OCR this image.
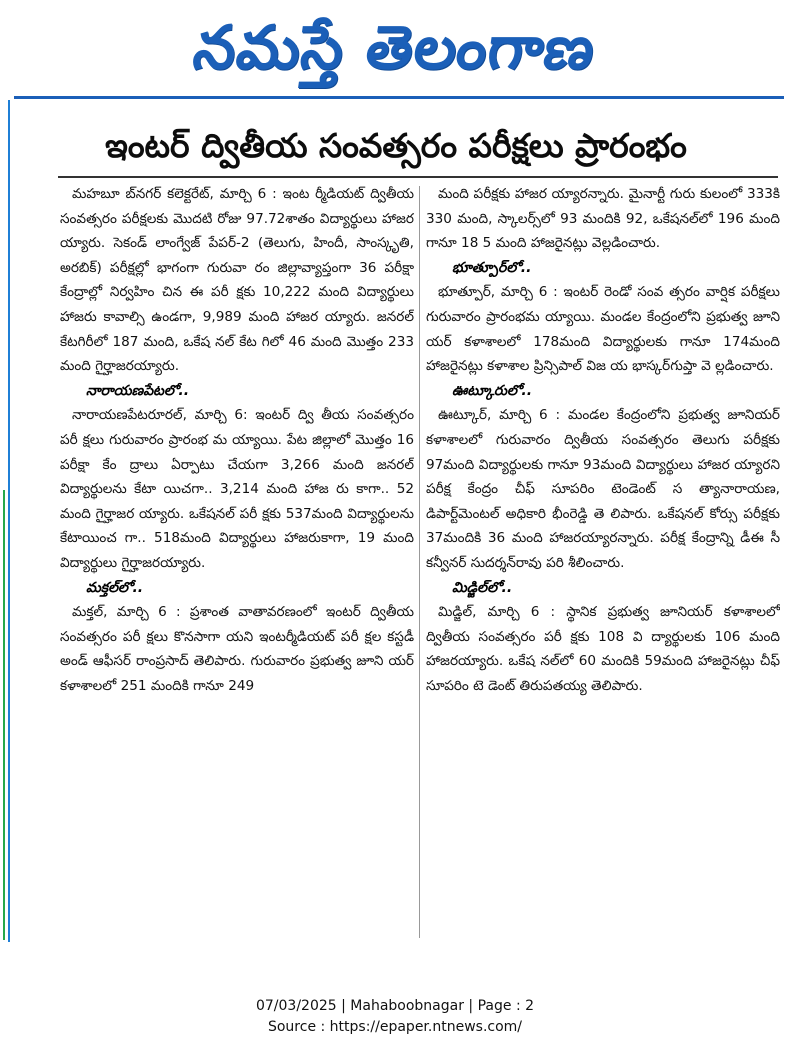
నమస్తే తెలంగాణ
ఇంటర్ ద్వితీయ సంవత్సరం పరీక్షలు ప్రారంభం

మహబూ బ్‌నగర్ కలెక్టరేట్, మార్చి 6 : ఇంట ర్మీడియట్ ద్వితీయ సంవత్సరం పరీక్షలకు మొదటి రోజు 97.72శాతం విద్యార్థులు హాజర య్యారు. సెకండ్ లాంగ్వేజ్ పేపర్-2 (తెలుగు, హిందీ, సాంస్కృతి, అరబిక్) పరీక్షల్లో భాగంగా గురువా రం జిల్లావ్యాప్తంగా 36 పరీక్షా కేంద్రాల్లో నిర్వహిం చిన ఈ పరీ క్షకు 10,222 మంది విద్యార్థులు హాజరు కావాల్సి ఉండగా, 9,989 మంది హాజర య్యారు. జనరల్ కేటగిరీలో 187 మంది, ఒకేష నల్ కేట గిలో 46 మంది మొత్తం 233 మంది గైర్హాజరయ్యారు.

నారాయణపేటలో..

నారాయణపేటరూరల్, మార్చి 6: ఇంటర్ ద్వి తీయ సంవత్సరం పరీ క్షలు గురువారం ప్రారంభ మ య్యాయి. పేట జిల్లాలో మొత్తం 16 పరీక్షా కేం ద్రాలు ఏర్పాటు చేయగా 3,266 మంది జనరల్ విద్యార్థులను కేటా యిచగా.. 3,214 మంది హాజ రు కాగా.. 52 మంది గైర్హాజర య్యారు. ఒకేషనల్ పరీ క్షకు 537మంది విద్యార్థులను కేటాయించ గా.. 518మంది విద్యార్థులు హాజరుకాగా, 19 మంది విద్యార్థులు గైర్హాజరయ్యారు.

మక్తల్‌లో..

మక్తల్, మార్చి 6 : ప్రశాంత వాతావరణంలో ఇంటర్ ద్వితీయ సంవత్సరం పరీ క్షలు కొనసాగా యని ఇంటర్మీడియట్ పరీ క్షల కస్టడీ అండ్ ఆఫీసర్ రాంప్రసాద్ తెలిపారు. గురువారం ప్రభుత్వ జూని యర్ కళాశాలలో 251 మందికి గానూ 249

మంది పరీక్షకు హాజర య్యారన్నారు. మైనార్టీ గురు కులంలో 333కి 330 మంది, స్కాలర్స్‌లో 93 మందికి 92, ఒకేషనల్‌లో 196 మంది గానూ 18 5 మంది హాజరైనట్లు వెల్లడించారు.

భూత్పూర్‌లో..

భూత్పూర్, మార్చి 6 : ఇంటర్ రెండో సంవ త్సరం వార్షిక పరీక్షలు గురువారం ప్రారంభమ య్యాయి. మండల కేంద్రంలోని ప్రభుత్వ జూని యర్ కళాశాలలో 178మంది విద్యార్థులకు గానూ 174మంది హాజరైనట్లు కళాశాల ప్రిన్సిపాల్ విజ య భాస్కర్‌గుప్తా వె ల్లడించారు.

ఊట్కూరులో..

ఊట్కూర్, మార్చి 6 : మండల కేంద్రంలోని ప్రభుత్వ జూనియర్ కళాశాలలో గురువారం ద్వితీయ సంవత్సరం తెలుగు పరీక్షకు 97మంది విద్యార్థులకు గానూ 93మంది విద్యార్థులు హాజర య్యారని పరీక్ష కేంద్రం చీఫ్ సూపరిం టెండెంట్ స త్యానారాయణ, డిపార్ట్‌మెంటల్ అధికారి భీంరెడ్డి తె లిపారు. ఒకేషనల్ కోర్సు పరీక్షకు 37మందికి 36 మంది హాజరయ్యారన్నారు. పరీక్ష కేంద్రాన్ని డీఈ సీ కన్వీనర్ సుదర్శన్‌రావు పరి శీలించారు.

మిడ్జిల్‌లో..

మిడ్జిల్, మార్చి 6 : స్థానిక ప్రభుత్వ జూనియర్ కళాశాలలో ద్వితీయ సంవత్సరం పరీ క్షకు 108 వి ద్యార్థులకు 106 మంది హాజరయ్యారు. ఒకేష నల్‌లో 60 మందికి 59మంది హాజరైనట్లు చీఫ్ సూపరిం టె డెంట్ తిరుపతయ్య తెలిపారు.

07/03/2025 | Mahaboobnagar | Page : 2
Source : https://epaper.ntnews.com/
